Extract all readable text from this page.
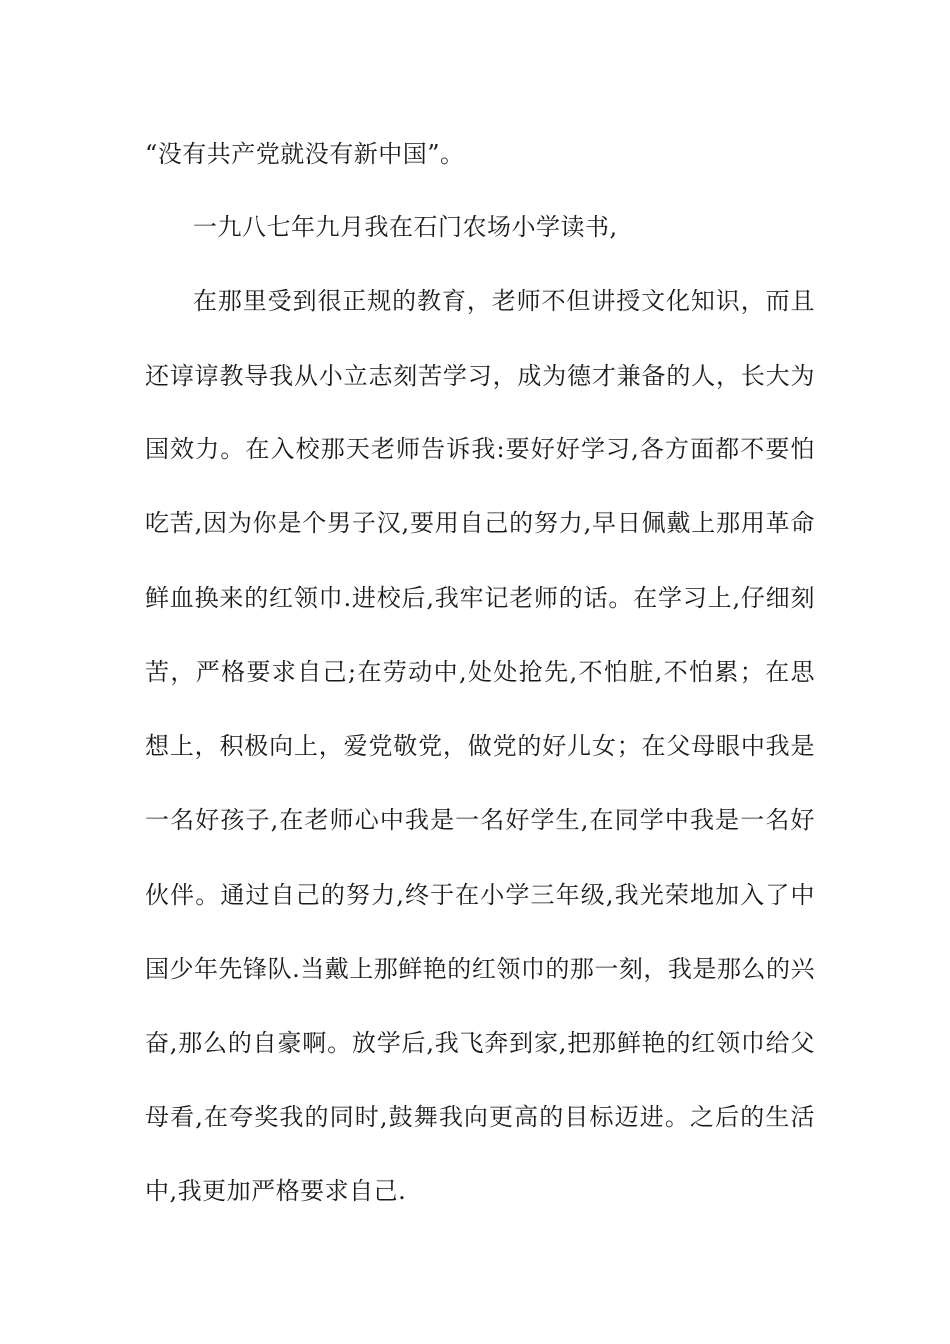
“没有共产党就没有新中国”。
一九八七年九月我在石门农场小学读书,
在那里受到很正规的教育，老师不但讲授文化知识，而且
还谆谆教导我从小立志刻苦学习，成为德才兼备的人，长大为
国效力。在入校那天老师告诉我:要好好学习,各方面都不要怕
吃苦,因为你是个男子汉,要用自己的努力,早日佩戴上那用革命
鲜血换来的红领巾.进校后,我牢记老师的话。在学习上,仔细刻
苦，严格要求自己;在劳动中,处处抢先,不怕脏,不怕累；在思
想上，积极向上，爱党敬党，做党的好儿女；在父母眼中我是
一名好孩子,在老师心中我是一名好学生,在同学中我是一名好
伙伴。通过自己的努力,终于在小学三年级,我光荣地加入了中
国少年先锋队.当戴上那鲜艳的红领巾的那一刻，我是那么的兴
奋,那么的自豪啊。放学后,我飞奔到家,把那鲜艳的红领巾给父
母看,在夸奖我的同时,鼓舞我向更高的目标迈进。之后的生活
中,我更加严格要求自己.
